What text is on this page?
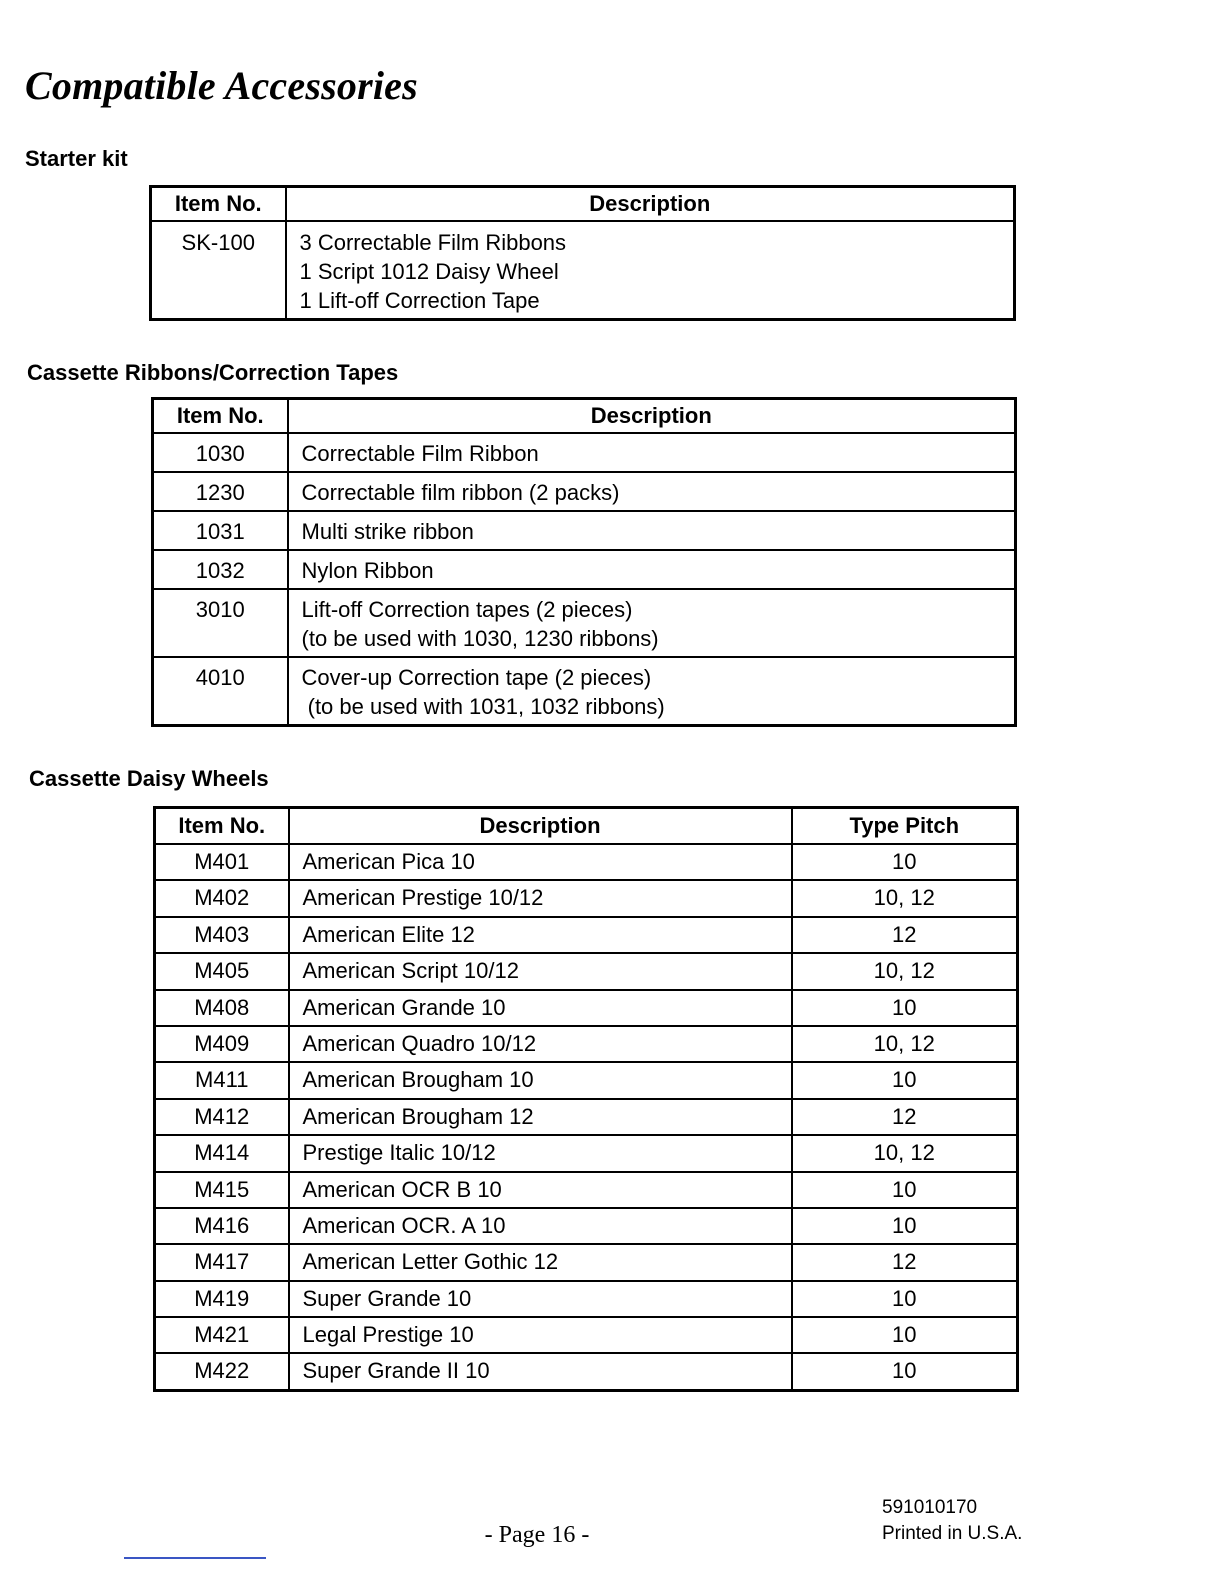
Compatible Accessories
Starter kit
Item No.	Description

SK-100	3 Correctable Film Ribbons
1 Script 1012 Daisy Wheel
1 Lift-off Correction Tape
Cassette Ribbons/Correction Tapes
Item No.	Description

1030	Correctable Film Ribbon

1230	Correctable film ribbon (2 packs)

1031	Multi strike ribbon

1032	Nylon Ribbon

3010	Lift-off Correction tapes (2 pieces)
(to be used with 1030, 1230 ribbons)

4010	Cover-up Correction tape (2 pieces)
(to be used with 1031, 1032 ribbons)
Cassette Daisy Wheels
Item No.	Description	Type Pitch
M401	American Pica 10	10
M402	American Prestige 10/12	10, 12
M403	American Elite 12	12
M405	American Script 10/12	10, 12
M408	American Grande 10	10
M409	American Quadro 10/12	10, 12
M411	American Brougham 10	10
M412	American Brougham 12	12
M414	Prestige Italic 10/12	10, 12
M415	American OCR B 10	10
M416	American OCR. A 10	10
M417	American Letter Gothic 12	12
M419	Super Grande 10	10
M421	Legal Prestige 10	10
M422	Super Grande II 10	10
- Page 16 -
591010170
Printed in U.S.A.
